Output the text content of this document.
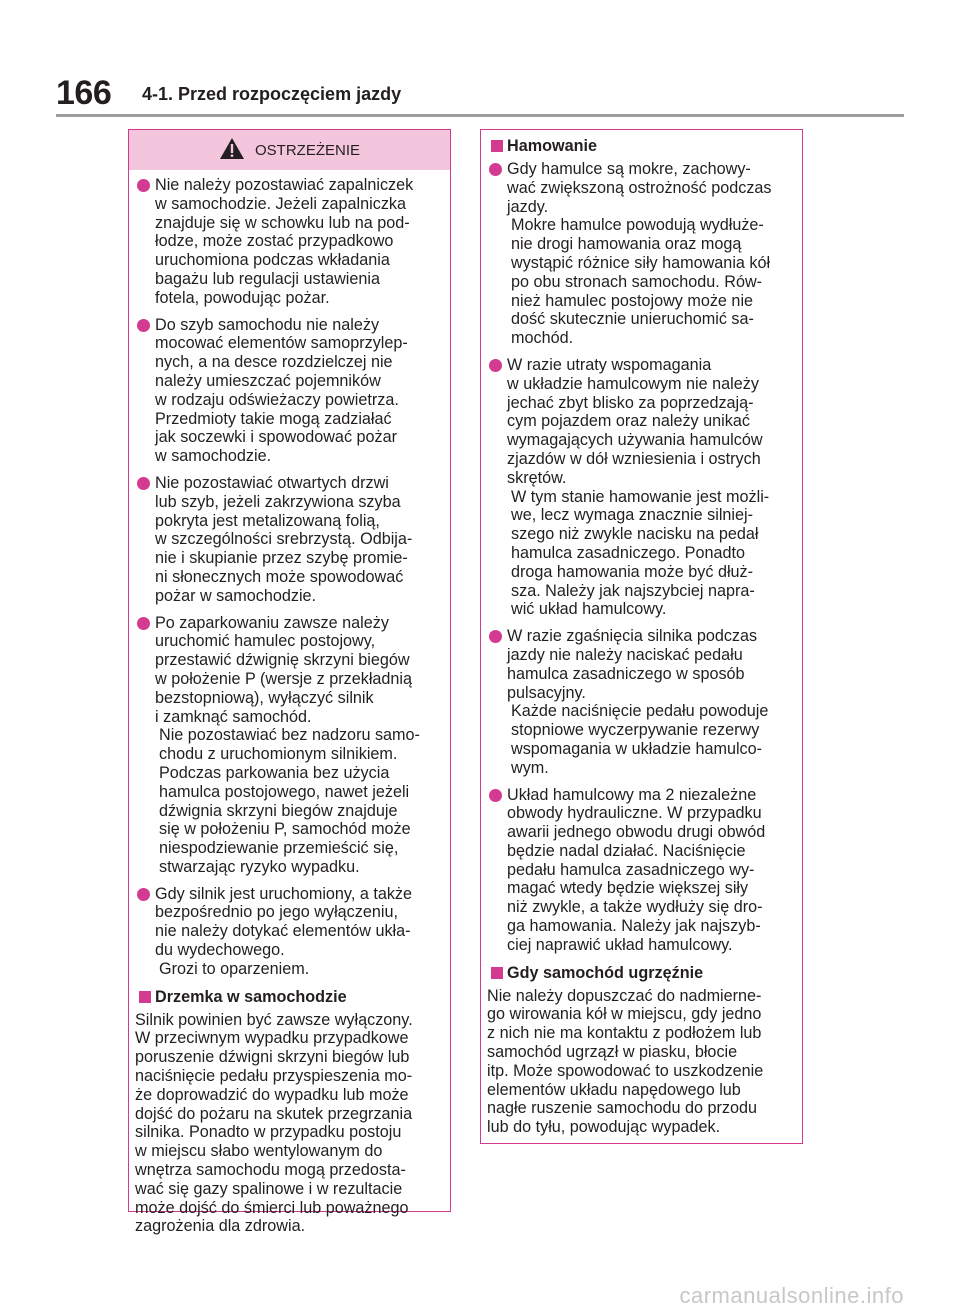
166 4-1. Przed rozpoczęciem jazdy
OSTRZEŻENIE

Nie należy pozostawiać zapalniczek
w samochodzie. Jeżeli zapalniczka
znajduje się w schowku lub na pod-
łodze, może zostać przypadkowo
uruchomiona podczas wkładania
bagażu lub regulacji ustawienia
fotela, powodując pożar.

Do szyb samochodu nie należy
mocować elementów samoprzylep-
nych, a na desce rozdzielczej nie
należy umieszczać pojemników
w rodzaju odświeżaczy powietrza.
Przedmioty takie mogą zadziałać
jak soczewki i spowodować pożar
w samochodzie.

Nie pozostawiać otwartych drzwi
lub szyb, jeżeli zakrzywiona szyba
pokryta jest metalizowaną folią,
w szczególności srebrzystą. Odbija-
nie i skupianie przez szybę promie-
ni słonecznych może spowodować
pożar w samochodzie.

Po zaparkowaniu zawsze należy
uruchomić hamulec postojowy,
przestawić dźwignię skrzyni biegów
w położenie P (wersje z przekładnią
bezstopniową), wyłączyć silnik
i zamknąć samochód.

Nie pozostawiać bez nadzoru samo-
chodu z uruchomionym silnikiem.
Podczas parkowania bez użycia
hamulca postojowego, nawet jeżeli
dźwignia skrzyni biegów znajduje
się w położeniu P, samochód może
niespodziewanie przemieścić się,
stwarzając ryzyko wypadku.

Gdy silnik jest uruchomiony, a także
bezpośrednio po jego wyłączeniu,
nie należy dotykać elementów ukła-
du wydechowego.

Grozi to oparzeniem.

Drzemka w samochodzie

Silnik powinien być zawsze wyłączony.
W przeciwnym wypadku przypadkowe
poruszenie dźwigni skrzyni biegów lub
naciśnięcie pedału przyspieszenia mo-
że doprowadzić do wypadku lub może
dojść do pożaru na skutek przegrzania
silnika. Ponadto w przypadku postoju
w miejscu słabo wentylowanym do
wnętrza samochodu mogą przedosta-
wać się gazy spalinowe i w rezultacie
może dojść do śmierci lub poważnego
zagrożenia dla zdrowia.

Hamowanie

Gdy hamulce są mokre, zachowy-
wać zwiększoną ostrożność podczas
jazdy.

Mokre hamulce powodują wydłuże-
nie drogi hamowania oraz mogą
wystąpić różnice siły hamowania kół
po obu stronach samochodu. Rów-
nież hamulec postojowy może nie
dość skutecznie unieruchomić sa-
mochód.

W razie utraty wspomagania
w układzie hamulcowym nie należy
jechać zbyt blisko za poprzedzają-
cym pojazdem oraz należy unikać
wymagających używania hamulców
zjazdów w dół wzniesienia i ostrych
skrętów.

W tym stanie hamowanie jest możli-
we, lecz wymaga znacznie silniej-
szego niż zwykle nacisku na pedał
hamulca zasadniczego. Ponadto
droga hamowania może być dłuż-
sza. Należy jak najszybciej napra-
wić układ hamulcowy.

W razie zgaśnięcia silnika podczas
jazdy nie należy naciskać pedału
hamulca zasadniczego w sposób
pulsacyjny.

Każde naciśnięcie pedału powoduje
stopniowe wyczerpywanie rezerwy
wspomagania w układzie hamulco-
wym.

Układ hamulcowy ma 2 niezależne
obwody hydrauliczne. W przypadku
awarii jednego obwodu drugi obwód
będzie nadal działać. Naciśnięcie
pedału hamulca zasadniczego wy-
magać wtedy będzie większej siły
niż zwykle, a także wydłuży się dro-
ga hamowania. Należy jak najszyb-
ciej naprawić układ hamulcowy.

Gdy samochód ugrzęźnie

Nie należy dopuszczać do nadmierne-
go wirowania kół w miejscu, gdy jedno
z nich nie ma kontaktu z podłożem lub
samochód ugrzązł w piasku, błocie
itp. Może spowodować to uszkodzenie
elementów układu napędowego lub
nagłe ruszenie samochodu do przodu
lub do tyłu, powodując wypadek.

carmanualsonline.info
